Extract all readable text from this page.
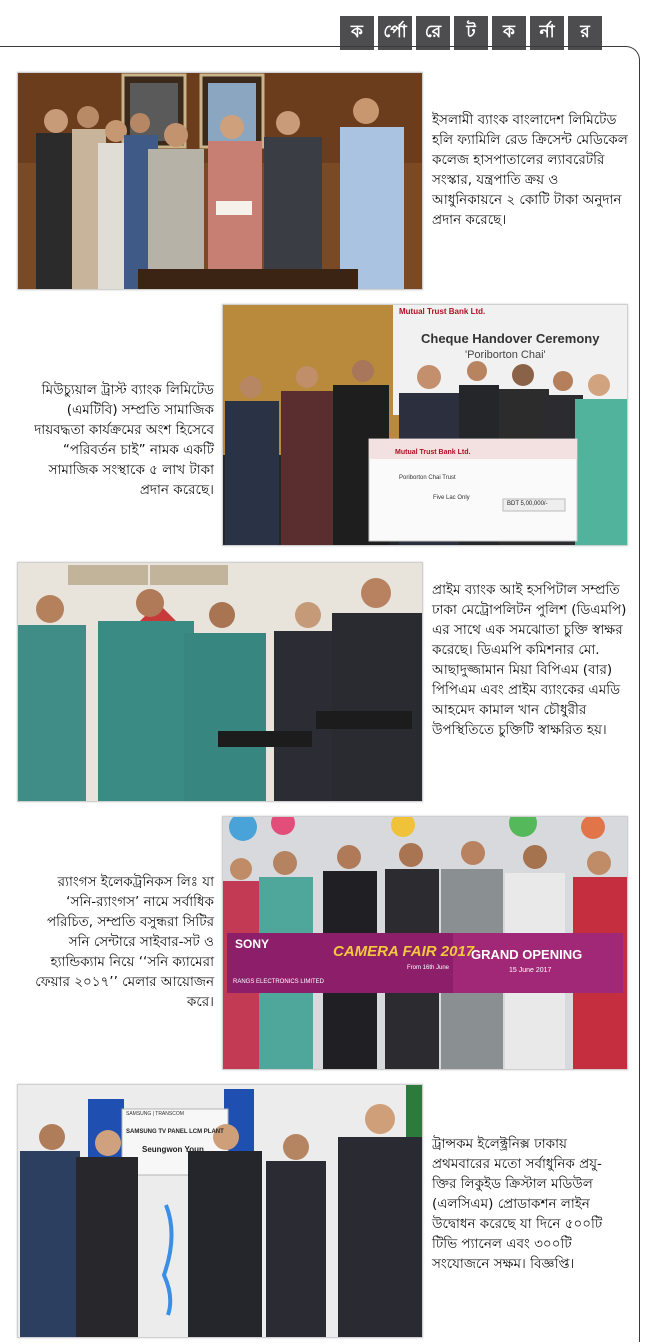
ক	র্পো	রে	ট	ক	র্না	র
ইসলামী ব্যাংক বাংলাদেশ লিমিটেড হলি ফ্যামিলি রেড ক্রিসেন্ট মেডিকেল কলেজ হাসপাতালের ল্যাবরেটরি সংস্কার, যন্ত্রপাতি ক্রয় ও আধুনিকায়নে ২ কোটি টাকা অনুদান প্রদান করেছে।
মিউচ্যুয়াল ট্রাস্ট ব্যাংক লিমিটেড (এমটিবি) সম্প্রতি সামাজিক দায়বদ্ধতা কার্যক্রমের অংশ হিসেবে “পরিবর্তন চাই” নামক একটি সামাজিক সংস্থাকে ৫ লাখ টাকা প্রদান করেছে।
Mutual Trust Bank Ltd.
Cheque Handover Ceremony
'Poriborton Chai'
Mutual Trust Bank Ltd.
Poriborton Chai Trust
Five Lac Only
BDT 5,00,000/-
প্রাইম ব্যাংক আই হসপিটাল সম্প্রতি ঢাকা মেট্রোপলিটন পুলিশ (ডিএমপি) এর সাথে এক সমঝোতা চুক্তি স্বাক্ষর করেছে। ডিএমপি কমিশনার মো. আছাদুজ্জামান মিয়া বিপিএম (বার) পিপিএম এবং প্রাইম ব্যাংকের এমডি আহমেদ কামাল খান চৌধুরীর উপস্থিতিতে চুক্তিটি স্বাক্ষরিত হয়।
র‌্যাংগস ইলেকট্রনিকস লিঃ যা ‘সনি-র‌্যাংগস’ নামে সর্বাধিক পরিচিত, সম্প্রতি বসুন্ধরা সিটির সনি সেন্টারে সাইবার-সট ও হ্যান্ডিক্যাম নিয়ে ‘‘সনি ক্যামেরা ফেয়ার ২০১৭’’ মেলার আয়োজন করে।
SONY	CAMERA FAIR 2017
From 16th June
GRAND OPENING
15 June 2017
RANGS ELECTRONICS LIMITED
SAMSUNG | TRANSCOM
SAMSUNG TV PANEL LCM PLANT
Seungwon Youn	ট্রান্সকম ইলেক্ট্রনিক্স ঢাকায় প্রথমবারের মতো সর্বাধুনিক প্রযু- ক্তির লিকুইড ক্রিস্টাল মডিউল (এলসিএম) প্রোডাকশন লাইন উদ্বোধন করেছে যা দিনে ৫০০টি টিভি প্যানেল এবং ৩০০টি সংযোজনে সক্ষম। বিজ্ঞপ্তি।
